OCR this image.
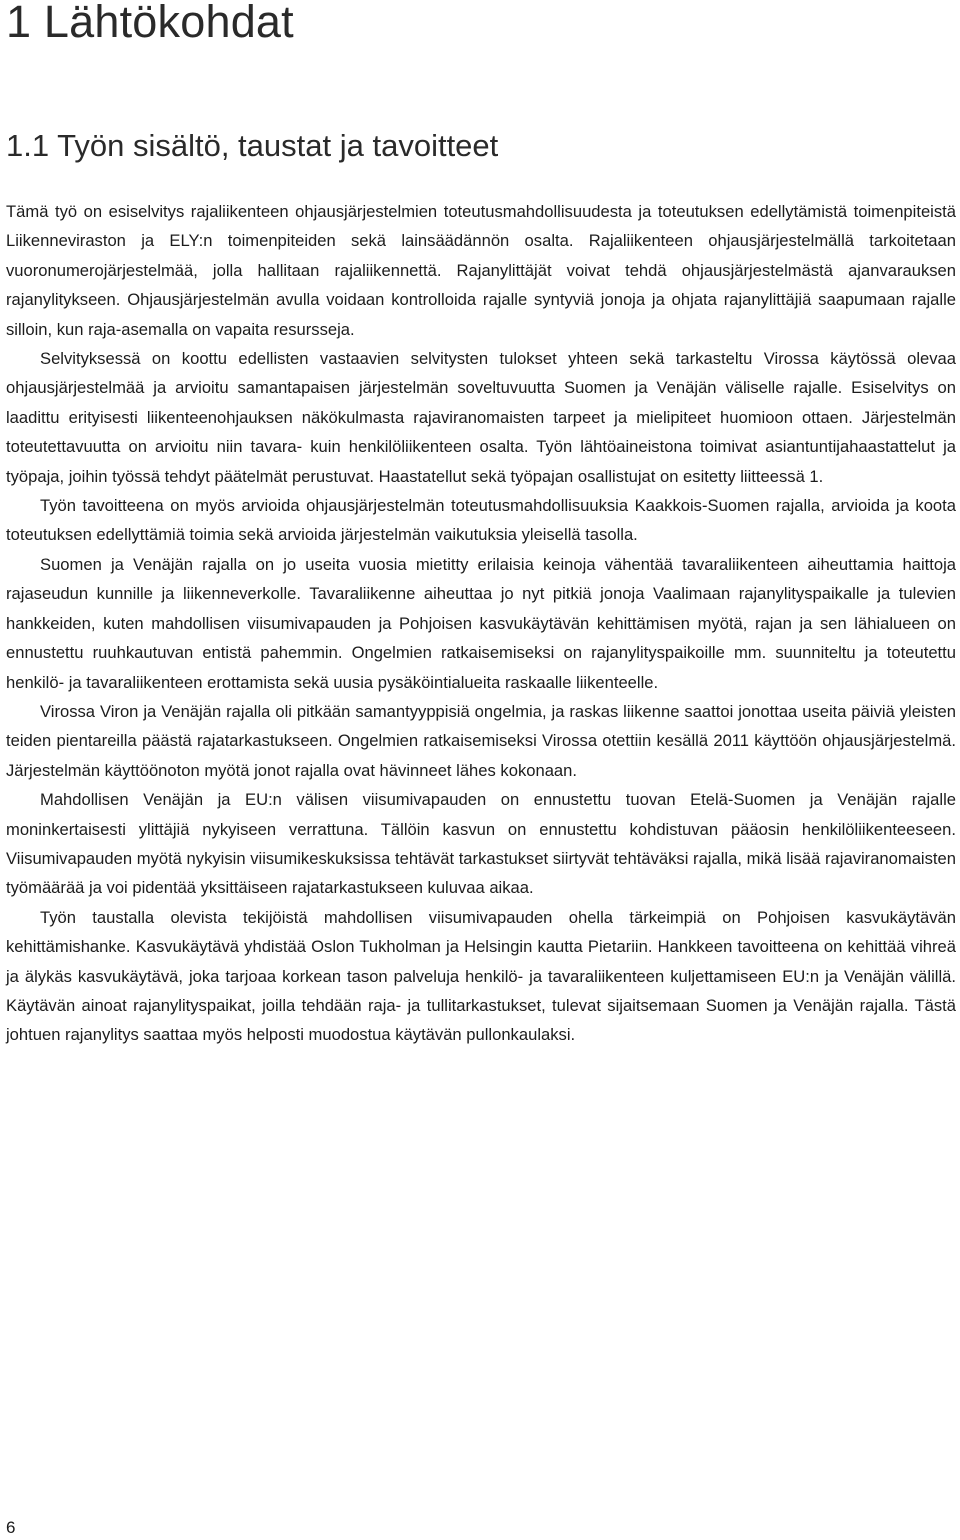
1 Lähtökohdat
1.1 Työn sisältö, taustat ja tavoitteet

Tämä työ on esiselvitys rajaliikenteen ohjausjärjestelmien toteutusmahdollisuudesta ja toteutuksen edellytämistä toimenpiteistä Liikenneviraston ja ELY:n toimenpiteiden sekä lainsäädännön osalta. Rajaliikenteen ohjausjärjestelmällä tarkoitetaan vuoronumerojärjestelmää, jolla hallitaan rajaliikennettä. Rajanylittäjät voivat tehdä ohjausjärjestelmästä ajanvarauksen rajanylitykseen. Ohjausjärjestelmän avulla voidaan kontrolloida rajalle syntyviä jonoja ja ohjata rajanylittäjiä saapumaan rajalle silloin, kun raja-asemalla on vapaita resursseja.

Selvityksessä on koottu edellisten vastaavien selvitysten tulokset yhteen sekä tarkasteltu Virossa käytössä olevaa ohjausjärjestelmää ja arvioitu samantapaisen järjestelmän soveltuvuutta Suomen ja Venäjän väliselle rajalle. Esiselvitys on laadittu erityisesti liikenteenohjauksen näkökulmasta rajaviranomaisten tarpeet ja mielipiteet huomioon ottaen. Järjestelmän toteutettavuutta on arvioitu niin tavara- kuin henkilöliikenteen osalta. Työn lähtöaineistona toimivat asiantuntijahaastattelut ja työpaja, joihin työssä tehdyt päätelmät perustuvat. Haastatellut sekä työpajan osallistujat on esitetty liitteessä 1.

Työn tavoitteena on myös arvioida ohjausjärjestelmän toteutusmahdollisuuksia Kaakkois-Suomen rajalla, arvioida ja koota toteutuksen edellyttämiä toimia sekä arvioida järjestelmän vaikutuksia yleisellä tasolla.

Suomen ja Venäjän rajalla on jo useita vuosia mietitty erilaisia keinoja vähentää tavaraliikenteen aiheuttamia haittoja rajaseudun kunnille ja liikenneverkolle. Tavaraliikenne aiheuttaa jo nyt pitkiä jonoja Vaalimaan rajanylityspaikalle ja tulevien hankkeiden, kuten mahdollisen viisumivapauden ja Pohjoisen kasvukäytävän kehittämisen myötä, rajan ja sen lähialueen on ennustettu ruuhkautuvan entistä pahemmin. Ongelmien ratkaisemiseksi on rajanylityspaikoille mm. suunniteltu ja toteutettu henkilö- ja tavaraliikenteen erottamista sekä uusia pysäköintialueita raskaalle liikenteelle.

Virossa Viron ja Venäjän rajalla oli pitkään samantyyppisiä ongelmia, ja raskas liikenne saattoi jonottaa useita päiviä yleisten teiden pientareilla päästä rajatarkastukseen. Ongelmien ratkaisemiseksi Virossa otettiin kesällä 2011 käyttöön ohjausjärjestelmä. Järjestelmän käyttöönoton myötä jonot rajalla ovat hävinneet lähes kokonaan.

Mahdollisen Venäjän ja EU:n välisen viisumivapauden on ennustettu tuovan Etelä-Suomen ja Venäjän rajalle moninkertaisesti ylittäjiä nykyiseen verrattuna. Tällöin kasvun on ennustettu kohdistuvan pääosin henkilöliikenteeseen. Viisumivapauden myötä nykyisin viisumikeskuksissa tehtävät tarkastukset siirtyvät tehtäväksi rajalla, mikä lisää rajaviranomaisten työmäärää ja voi pidentää yksittäiseen rajatarkastukseen kuluvaa aikaa.

Työn taustalla olevista tekijöistä mahdollisen viisumivapauden ohella tärkeimpiä on Pohjoisen kasvukäytävän kehittämishanke. Kasvukäytävä yhdistää Oslon Tukholman ja Helsingin kautta Pietariin. Hankkeen tavoitteena on kehittää vihreä ja älykäs kasvukäytävä, joka tarjoaa korkean tason palveluja henkilö- ja tavaraliikenteen kuljettamiseen EU:n ja Venäjän välillä. Käytävän ainoat rajanylityspaikat, joilla tehdään raja- ja tullitarkastukset, tulevat sijaitsemaan Suomen ja Venäjän rajalla. Tästä johtuen rajanylitys saattaa myös helposti muodostua käytävän pullonkaulaksi.

6
